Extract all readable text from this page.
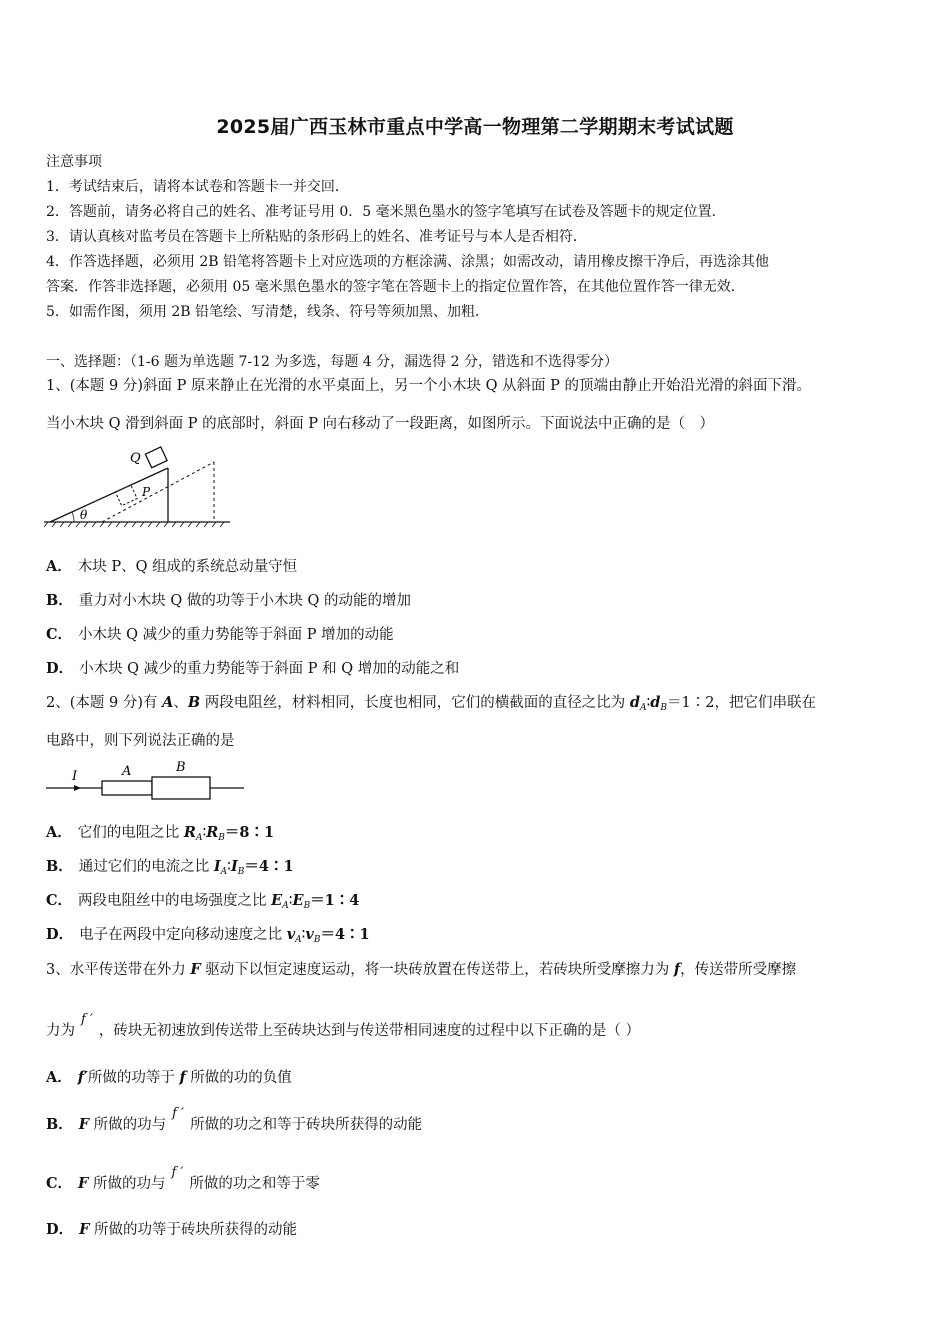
2025届广西玉林市重点中学高一物理第二学期期末考试试题
注意事项
1．考试结束后，请将本试卷和答题卡一并交回．
2．答题前，请务必将自己的姓名、准考证号用 0．5 毫米黑色墨水的签字笔填写在试卷及答题卡的规定位置．
3．请认真核对监考员在答题卡上所粘贴的条形码上的姓名、准考证号与本人是否相符．
4．作答选择题，必须用 2B 铅笔将答题卡上对应选项的方框涂满、涂黑；如需改动，请用橡皮擦干净后，再选涂其他
答案．作答非选择题，必须用 05 毫米黑色墨水的签字笔在答题卡上的指定位置作答，在其他位置作答一律无效．
5．如需作图，须用 2B 铅笔绘、写清楚，线条、符号等须加黑、加粗．
一、选择题：（1-6 题为单选题 7-12 为多选，每题 4 分，漏选得 2 分，错选和不选得零分）
1、(本题 9 分)斜面 P 原来静止在光滑的水平桌面上，另一个小木块 Q 从斜面 P 的顶端由静止开始沿光滑的斜面下滑。
当小木块 Q 滑到斜面 P 的底部时，斜面 P 向右移动了一段距离，如图所示。下面说法中正确的是（　）
Q
P
θ
A． 木块 P、Q 组成的系统总动量守恒
B． 重力对小木块 Q 做的功等于小木块 Q 的动能的增加
C． 小木块 Q 减少的重力势能等于斜面 P 增加的动能
D． 小木块 Q 减少的重力势能等于斜面 P 和 Q 增加的动能之和
2、(本题 9 分)有 A、B 两段电阻丝，材料相同，长度也相同，它们的横截面的直径之比为 $d_A∶d_B=1∶2$，把它们串联在
电路中，则下列说法正确的是
I	A	B
A． 它们的电阻之比 $R_A∶R_B=8∶1$
B． 通过它们的电流之比 $I_A∶I_B=4∶1$
C． 两段电阻丝中的电场强度之比 $E_A∶E_B=1∶4$
D． 电子在两段中定向移动速度之比 $v_A∶v_B=4∶1$
3、水平传送带在外力 F 驱动下以恒定速度运动，将一块砖放置在传送带上，若砖块所受摩擦力为 f，传送带所受摩擦
力为f ′，砖块无初速放到传送带上至砖块达到与传送带相同速度的过程中以下正确的是（ ）
A． f′所做的功等于 f 所做的功的负值
B． F 所做的功与f ′所做的功之和等于砖块所获得的动能
C． F 所做的功与f ′所做的功之和等于零
D． F 所做的功等于砖块所获得的动能
